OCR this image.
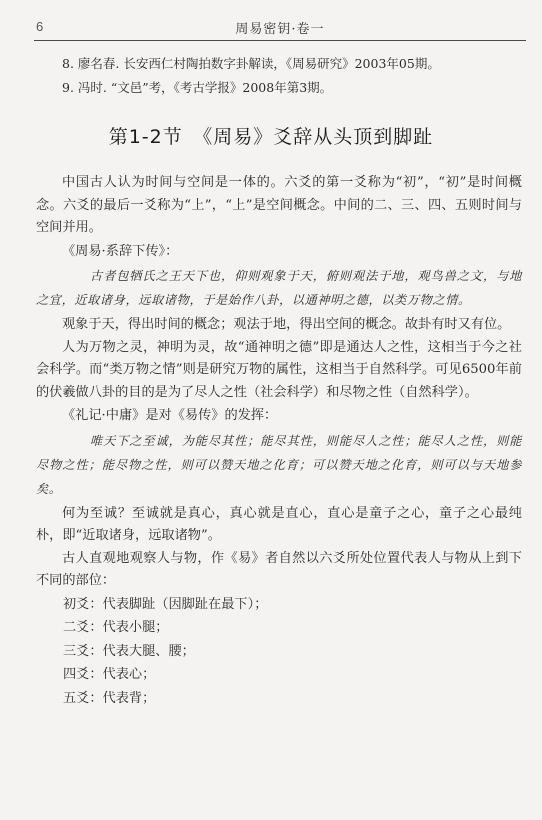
6	周易密钥·卷一
8. 廖名春. 长安西仁村陶拍数字卦解读，《周易研究》2003年05期。
9. 冯时. “文邑”考，《考古学报》2008年第3期。
第1-2节　《周易》爻辞从头顶到脚趾

中国古人认为时间与空间是一体的。六爻的第一爻称为“初”，“初”是时间概念。六爻的最后一爻称为“上”，“上”是空间概念。中间的二、三、四、五则时间与空间并用。

《周易·系辞下传》：

古者包牺氏之王天下也，仰则观象于天，俯则观法于地，观鸟兽之文，与地之宜，近取诸身，远取诸物，于是始作八卦，以通神明之德，以类万物之情。

观象于天，得出时间的概念；观法于地，得出空间的概念。故卦有时又有位。

人为万物之灵，神明为灵，故“通神明之德”即是通达人之性，这相当于今之社会科学。而“类万物之情”则是研究万物的属性，这相当于自然科学。可见6500年前的伏羲做八卦的目的是为了尽人之性（社会科学）和尽物之性（自然科学）。

《礼记·中庸》是对《易传》的发挥：

唯天下之至诚，为能尽其性；能尽其性，则能尽人之性；能尽人之性，则能尽物之性；能尽物之性，则可以赞天地之化育；可以赞天地之化育，则可以与天地参矣。

何为至诚？至诚就是真心，真心就是直心，直心是童子之心，童子之心最纯朴，即“近取诸身，远取诸物”。

古人直观地观察人与物，作《易》者自然以六爻所处位置代表人与物从上到下不同的部位：

初爻：代表脚趾（因脚趾在最下）；

二爻：代表小腿；

三爻：代表大腿、腰；

四爻：代表心；

五爻：代表背；
